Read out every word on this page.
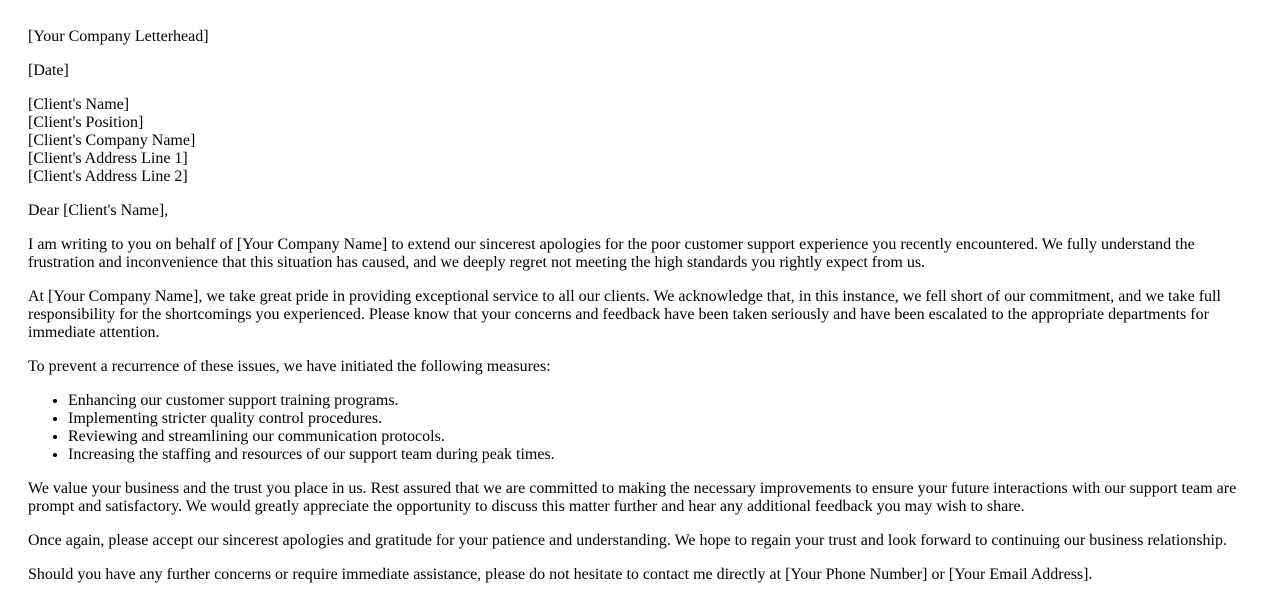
[Your Company Letterhead]

[Date]

[Client's Name]
[Client's Position]
[Client's Company Name]
[Client's Address Line 1]
[Client's Address Line 2]

Dear [Client's Name],

I am writing to you on behalf of [Your Company Name] to extend our sincerest apologies for the poor customer support experience you recently encountered. We fully understand the frustration and inconvenience that this situation has caused, and we deeply regret not meeting the high standards you rightly expect from us.

At [Your Company Name], we take great pride in providing exceptional service to all our clients. We acknowledge that, in this instance, we fell short of our commitment, and we take full responsibility for the shortcomings you experienced. Please know that your concerns and feedback have been taken seriously and have been escalated to the appropriate departments for immediate attention.

To prevent a recurrence of these issues, we have initiated the following measures:

• Enhancing our customer support training programs.
• Implementing stricter quality control procedures.
• Reviewing and streamlining our communication protocols.
• Increasing the staffing and resources of our support team during peak times.

We value your business and the trust you place in us. Rest assured that we are committed to making the necessary improvements to ensure your future interactions with our support team are prompt and satisfactory. We would greatly appreciate the opportunity to discuss this matter further and hear any additional feedback you may wish to share.

Once again, please accept our sincerest apologies and gratitude for your patience and understanding. We hope to regain your trust and look forward to continuing our business relationship.

Should you have any further concerns or require immediate assistance, please do not hesitate to contact me directly at [Your Phone Number] or [Your Email Address].
